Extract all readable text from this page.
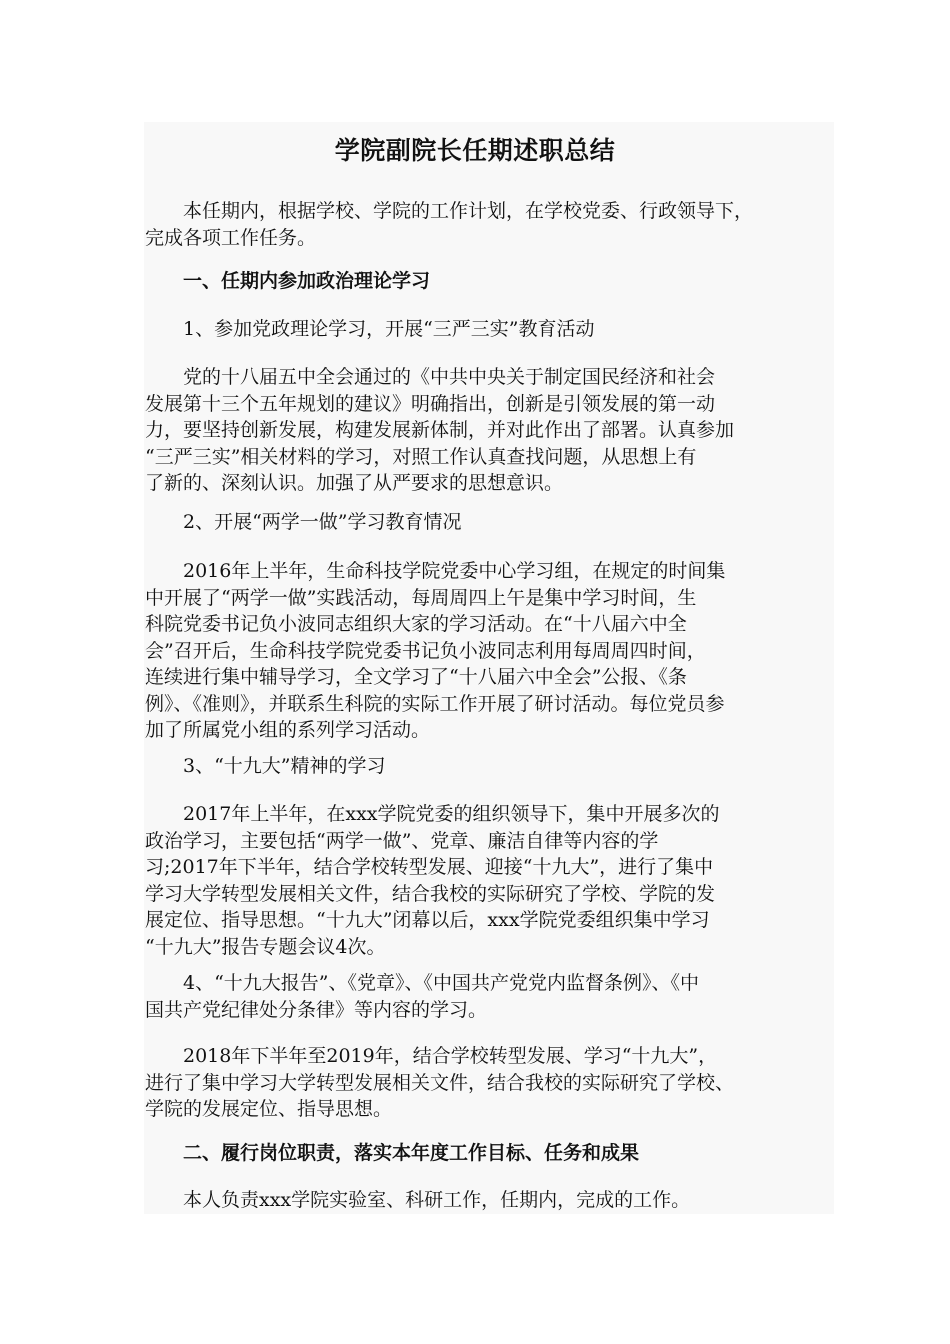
学院副院长任期述职总结
　　本任期内，根据学校、学院的工作计划，在学校党委、行政领导下，
完成各项工作任务。
　　一、任期内参加政治理论学习
　　1、参加党政理论学习，开展“三严三实”教育活动
　　党的十八届五中全会通过的《中共中央关于制定国民经济和社会
发展第十三个五年规划的建议》明确指出，创新是引领发展的第一动
力，要坚持创新发展，构建发展新体制，并对此作出了部署。认真参加
“三严三实”相关材料的学习，对照工作认真查找问题，从思想上有
了新的、深刻认识。加强了从严要求的思想意识。
　　2、开展“两学一做”学习教育情况
　　2016年上半年，生命科技学院党委中心学习组，在规定的时间集
中开展了“两学一做”实践活动，每周周四上午是集中学习时间，生
科院党委书记负小波同志组织大家的学习活动。在“十八届六中全
会”召开后，生命科技学院党委书记负小波同志利用每周周四时间，
连续进行集中辅导学习，全文学习了“十八届六中全会”公报、《条
例》、《准则》，并联系生科院的实际工作开展了研讨活动。每位党员参
加了所属党小组的系列学习活动。
　　3、“十九大”精神的学习
　　2017年上半年，在xxx学院党委的组织领导下，集中开展多次的
政治学习，主要包括“两学一做”、党章、廉洁自律等内容的学
习;2017年下半年，结合学校转型发展、迎接“十九大”，进行了集中
学习大学转型发展相关文件，结合我校的实际研究了学校、学院的发
展定位、指导思想。“十九大”闭幕以后，xxx学院党委组织集中学习
“十九大”报告专题会议4次。
　　4、“十九大报告”、《党章》、《中国共产党党内监督条例》、《中
国共产党纪律处分条律》等内容的学习。
　　2018年下半年至2019年，结合学校转型发展、学习“十九大”，
进行了集中学习大学转型发展相关文件，结合我校的实际研究了学校、
学院的发展定位、指导思想。
　　二、履行岗位职责，落实本年度工作目标、任务和成果
　　本人负责xxx学院实验室、科研工作，任期内，完成的工作。
